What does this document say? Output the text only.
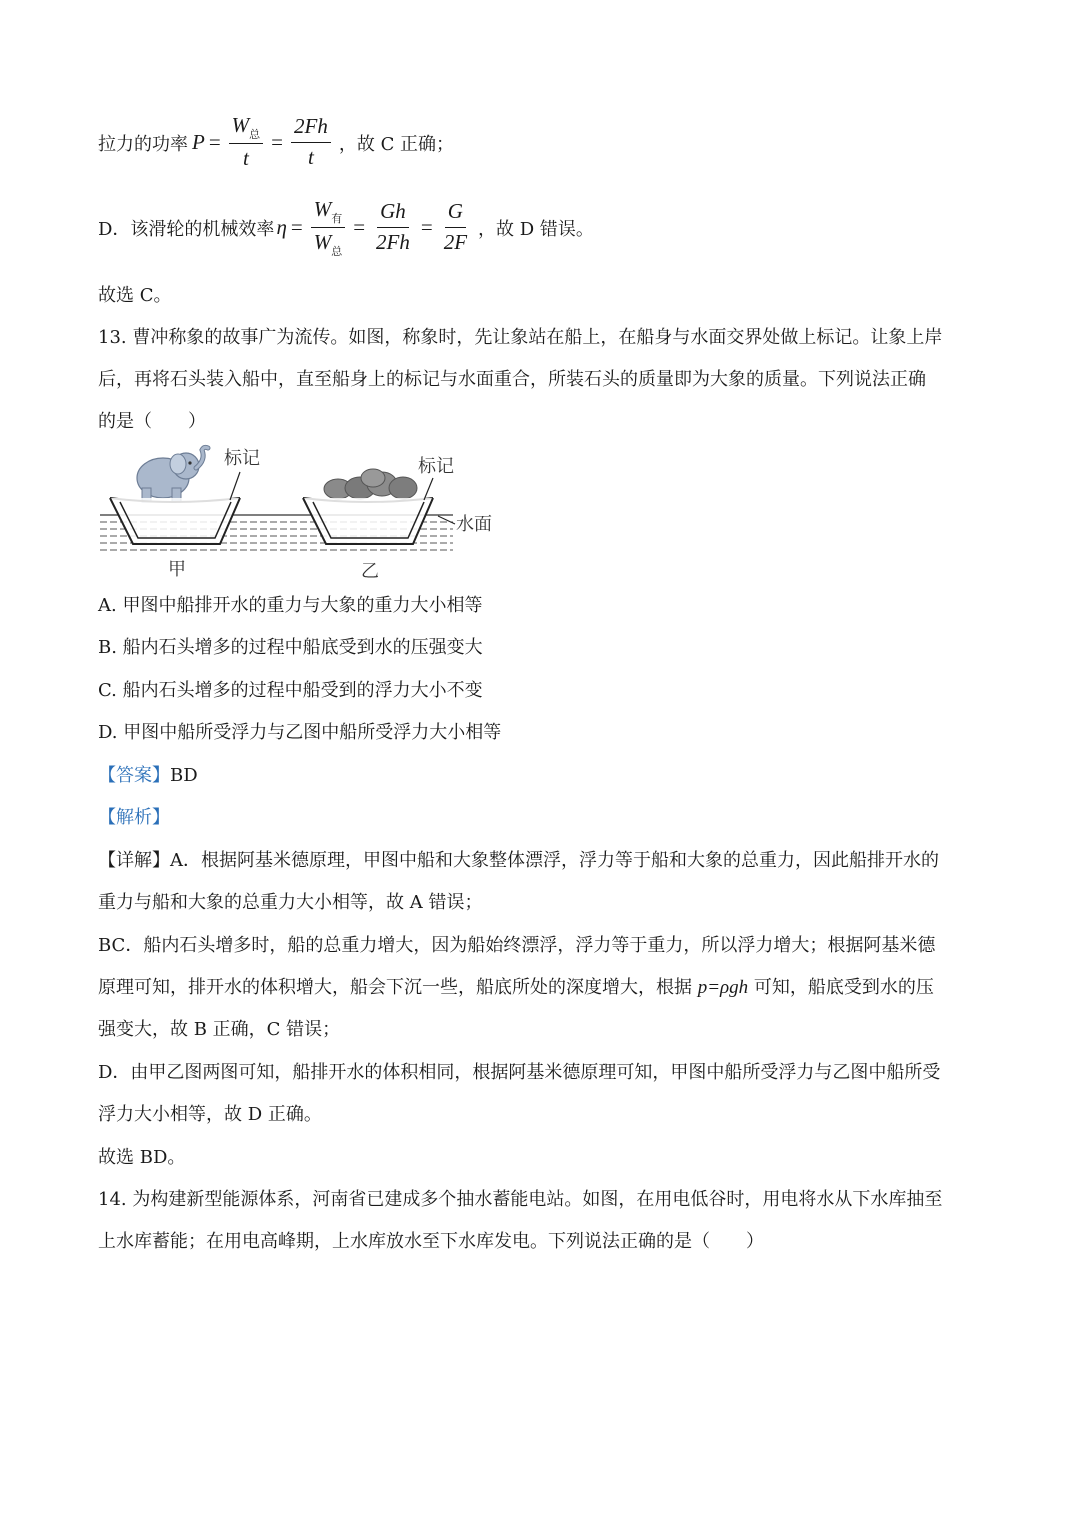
拉力的功率 $P = \frac{W_总}{t} = \frac{2Fh}{t}$ ，故 C 正确；
D．该滑轮的机械效率 $\eta = \frac{W_有}{W_总} = \frac{Gh}{2Fh} = \frac{G}{2F}$ ，故 D 错误。
故选 C。
13. 曹冲称象的故事广为流传。如图，称象时，先让象站在船上，在船身与水面交界处做上标记。让象上岸
后，再将石头装入船中，直至船身上的标记与水面重合，所装石头的质量即为大象的质量。下列说法正确
的是（　　）
标记	标记
水面
甲	乙
A. 甲图中船排开水的重力与大象的重力大小相等
B. 船内石头增多的过程中船底受到水的压强变大
C. 船内石头增多的过程中船受到的浮力大小不变
D. 甲图中船所受浮力与乙图中船所受浮力大小相等
【答案】BD
【解析】
【详解】A．根据阿基米德原理，甲图中船和大象整体漂浮，浮力等于船和大象的总重力，因此船排开水的
重力与船和大象的总重力大小相等，故 A 错误；
BC．船内石头增多时，船的总重力增大，因为船始终漂浮，浮力等于重力，所以浮力增大；根据阿基米德
原理可知，排开水的体积增大，船会下沉一些，船底所处的深度增大，根据 p=ρgh 可知，船底受到水的压
强变大，故 B 正确，C 错误；
D．由甲乙图两图可知，船排开水的体积相同，根据阿基米德原理可知，甲图中船所受浮力与乙图中船所受
浮力大小相等，故 D 正确。
故选 BD。
14. 为构建新型能源体系，河南省已建成多个抽水蓄能电站。如图，在用电低谷时，用电将水从下水库抽至
上水库蓄能；在用电高峰期，上水库放水至下水库发电。下列说法正确的是（　　）
